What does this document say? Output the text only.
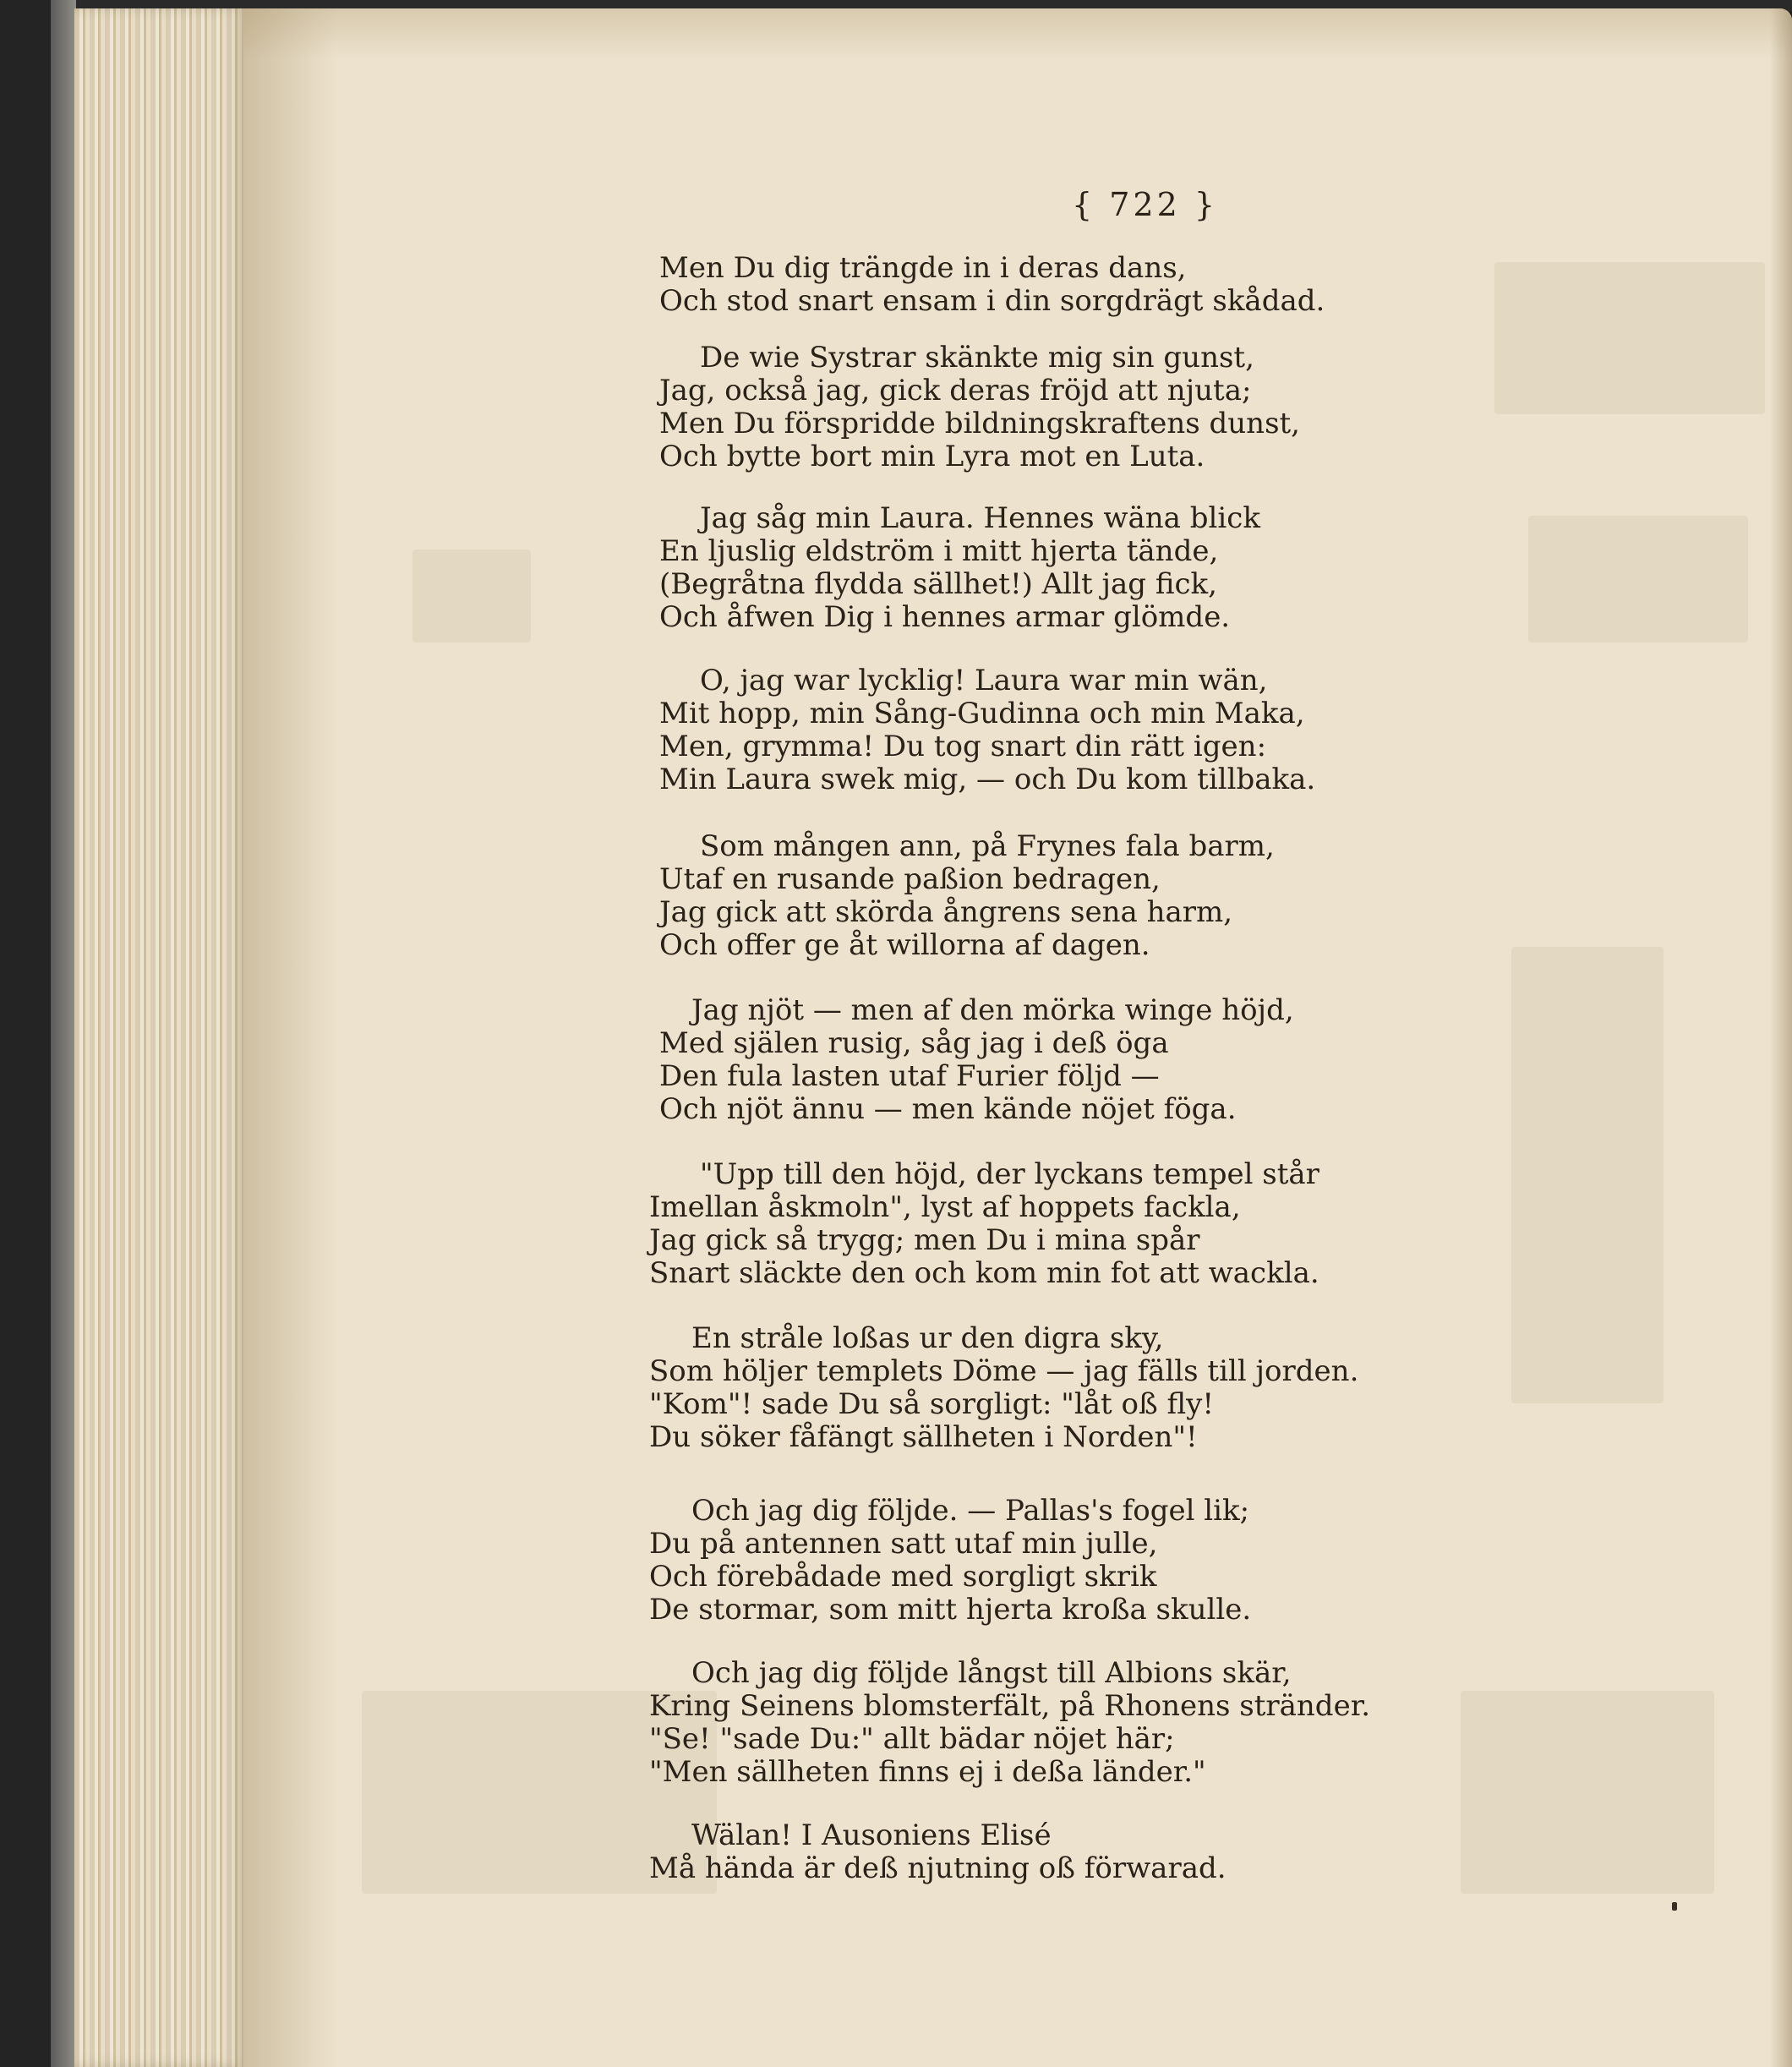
{ 722 }
Men Du dig trängde in i deras dans,
Och stod snart ensam i din sorgdrägt skådad.
De wie Systrar skänkte mig sin gunst,
Jag, också jag, gick deras fröjd att njuta;
Men Du förspridde bildningskraftens dunst,
Och bytte bort min Lyra mot en Luta.
Jag såg min Laura. Hennes wäna blick
En ljuslig eldström i mitt hjerta tände,
(Begråtna flydda sällhet!) Allt jag fick,
Och åfwen Dig i hennes armar glömde.
O, jag war lycklig! Laura war min wän,
Mit hopp, min Sång-Gudinna och min Maka,
Men, grymma! Du tog snart din rätt igen:
Min Laura swek mig, — och Du kom tillbaka.
Som mången ann, på Frynes fala barm,
Utaf en rusande paßion bedragen,
Jag gick att skörda ångrens sena harm,
Och offer ge åt willorna af dagen.
Jag njöt — men af den mörka winge höjd,
Med själen rusig, såg jag i deß öga
Den fula lasten utaf Furier följd —
Och njöt ännu — men kände nöjet föga.
"Upp till den höjd, der lyckans tempel står
Imellan åskmoln", lyst af hoppets fackla,
Jag gick så trygg; men Du i mina spår
Snart släckte den och kom min fot att wackla.
En stråle loßas ur den digra sky,
Som höljer templets Döme — jag fälls till jorden.
"Kom"! sade Du så sorgligt: "låt oß fly!
Du söker fåfängt sällheten i Norden"!
Och jag dig följde. — Pallas's fogel lik;
Du på antennen satt utaf min julle,
Och förebådade med sorgligt skrik
De stormar, som mitt hjerta kroßa skulle.
Och jag dig följde långst till Albions skär,
Kring Seinens blomsterfält, på Rhonens stränder.
"Se! "sade Du:" allt bädar nöjet här;
"Men sällheten finns ej i deßa länder."
Wälan! I Ausoniens Elisé
Må hända är deß njutning oß förwarad.
